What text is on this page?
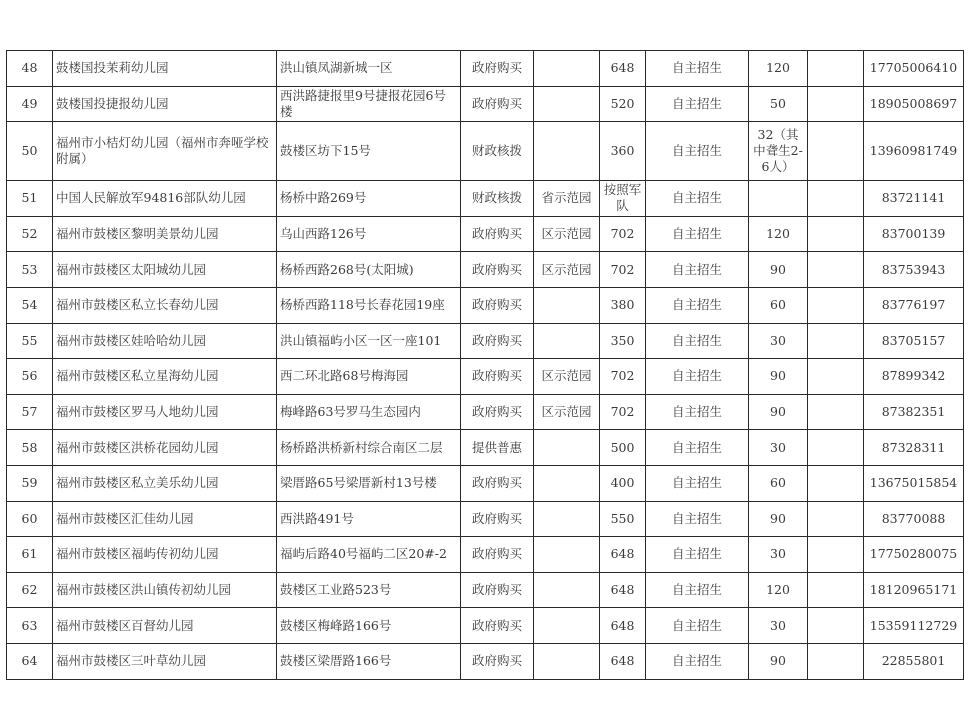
48	鼓楼国投茉莉幼儿园	洪山镇凤湖新城一区	政府购买		648	自主招生	120		17705006410

49	鼓楼国投捷报幼儿园	西洪路捷报里9号捷报花园6号楼	政府购买		520	自主招生	50		18905008697

50	福州市小桔灯幼儿园（福州市奔哑学校附属）	鼓楼区坊下15号	财政核拨		360	自主招生	32（其中聋生2-6人）		13960981749

51	中国人民解放军94816部队幼儿园	杨桥中路269号	财政核拨	省示范园	按照军队	自主招生			83721141

52	福州市鼓楼区黎明美景幼儿园	乌山西路126号	政府购买	区示范园	702	自主招生	120		83700139

53	福州市鼓楼区太阳城幼儿园	杨桥西路268号(太阳城)	政府购买	区示范园	702	自主招生	90		83753943

54	福州市鼓楼区私立长春幼儿园	杨桥西路118号长春花园19座	政府购买		380	自主招生	60		83776197

55	福州市鼓楼区娃哈哈幼儿园	洪山镇福屿小区一区一座101	政府购买		350	自主招生	30		83705157

56	福州市鼓楼区私立星海幼儿园	西二环北路68号梅海园	政府购买	区示范园	702	自主招生	90		87899342

57	福州市鼓楼区罗马人地幼儿园	梅峰路63号罗马生态园内	政府购买	区示范园	702	自主招生	90		87382351

58	福州市鼓楼区洪桥花园幼儿园	杨桥路洪桥新村综合南区二层	提供普惠		500	自主招生	30		87328311

59	福州市鼓楼区私立美乐幼儿园	梁厝路65号梁厝新村13号楼	政府购买		400	自主招生	60		13675015854

60	福州市鼓楼区汇佳幼儿园	西洪路491号	政府购买		550	自主招生	90		83770088

61	福州市鼓楼区福屿传初幼儿园	福屿后路40号福屿二区20#-2	政府购买		648	自主招生	30		17750280075

62	福州市鼓楼区洪山镇传初幼儿园	鼓楼区工业路523号	政府购买		648	自主招生	120		18120965171

63	福州市鼓楼区百督幼儿园	鼓楼区梅峰路166号	政府购买		648	自主招生	30		15359112729

64	福州市鼓楼区三叶草幼儿园	鼓楼区梁厝路166号	政府购买		648	自主招生	90		22855801
